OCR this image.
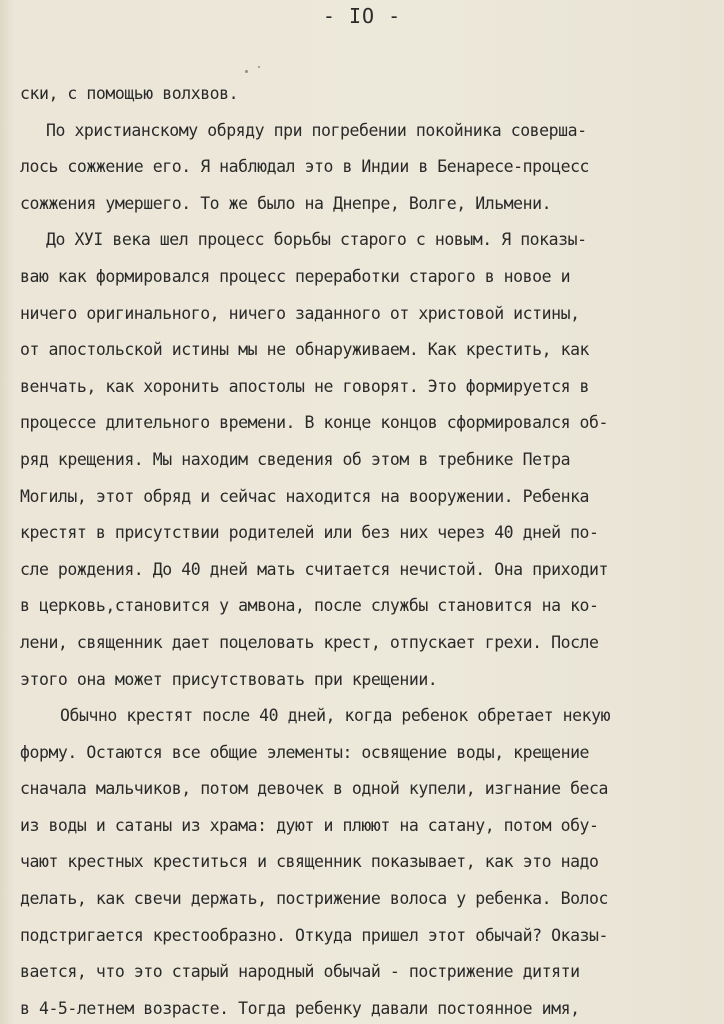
- IO -
ски, с помощью волхвов.
По христианскому обряду при погребении покойника соверша-
лось сожжение его. Я наблюдал это в Индии в Бенаресе-процесс
сожжения умершего. То же было на Днепре, Волге, Ильмени.
До ХУI века шел процесс борьбы старого с новым. Я показы-
ваю как формировался процесс переработки старого в новое и
ничего оригинального, ничего заданного от христовой истины,
от апостольской истины мы не обнаруживаем. Как крестить, как
венчать, как хоронить апостолы не говорят. Это формируется в
процессе длительного времени. В конце концов сформировался об-
ряд крещения. Мы находим сведения об этом в требнике Петра
Могилы, этот обряд и сейчас находится на вооружении. Ребенка
крестят в присутствии родителей или без них через 40 дней по-
сле рождения. До 40 дней мать считается нечистой. Она приходит
в церковь,становится у амвона, после службы становится на ко-
лени, священник дает поцеловать крест, отпускает грехи. После
этого она может присутствовать при крещении.
Обычно крестят после 40 дней, когда ребенок обретает некую
форму. Остаются все общие элементы: освящение воды, крещение
сначала мальчиков, потом девочек в одной купели, изгнание беса
из воды и сатаны из храма: дуют и плюют на сатану, потом обу-
чают крестных креститься и священник показывает, как это надо
делать, как свечи держать, пострижение волоса у ребенка. Волос
подстригается крестообразно. Откуда пришел этот обычай? Оказы-
вается, что это старый народный обычай - пострижение дитяти
в 4-5-летнем возрасте. Тогда ребенку давали постоянное имя,
